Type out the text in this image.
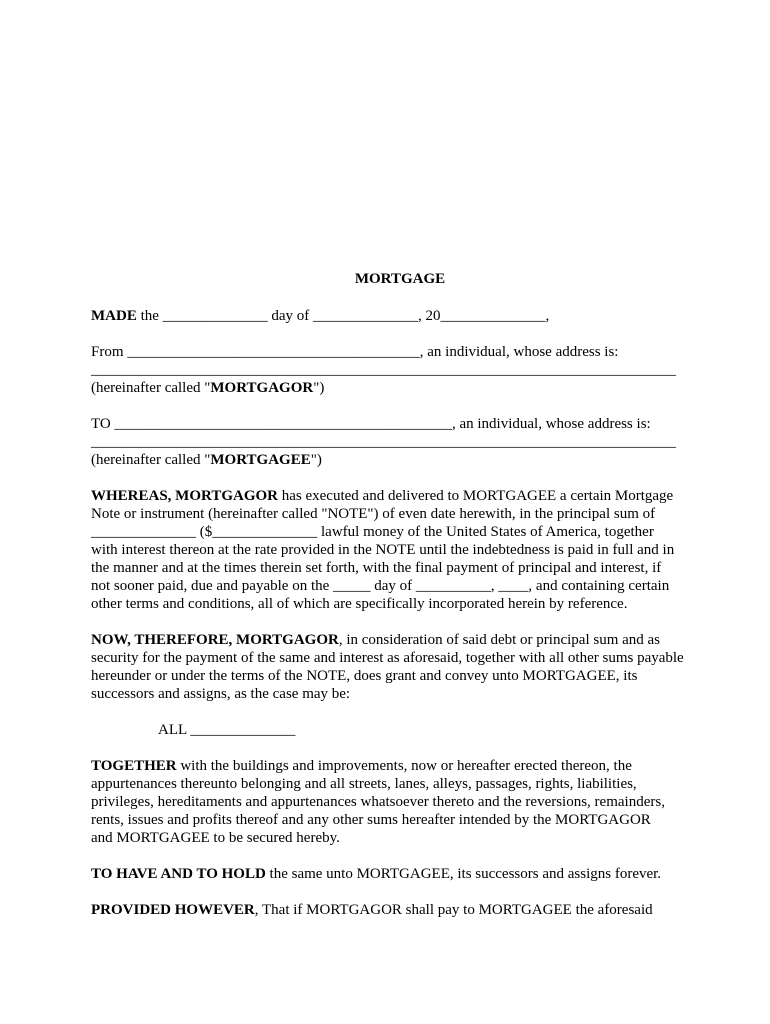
MORTGAGE

MADE the ______________ day of ______________, 20______________,

From _______________________________________, an individual, whose address is:
______________________________________________________________________________
(hereinafter called "MORTGAGOR")

TO _____________________________________________, an individual, whose address is:
______________________________________________________________________________
(hereinafter called "MORTGAGEE")

WHEREAS, MORTGAGOR has executed and delivered to MORTGAGEE a certain Mortgage
Note or instrument (hereinafter called "NOTE") of even date herewith, in the principal sum of
______________ ($______________ lawful money of the United States of America, together
with interest thereon at the rate provided in the NOTE until the indebtedness is paid in full and in
the manner and at the times therein set forth, with the final payment of principal and interest, if
not sooner paid, due and payable on the _____ day of __________, ____, and containing certain
other terms and conditions, all of which are specifically incorporated herein by reference.

NOW, THEREFORE, MORTGAGOR, in consideration of said debt or principal sum and as
security for the payment of the same and interest as aforesaid, together with all other sums payable
hereunder or under the terms of the NOTE, does grant and convey unto MORTGAGEE, its
successors and assigns, as the case may be:

ALL ______________

TOGETHER with the buildings and improvements, now or hereafter erected thereon, the
appurtenances thereunto belonging and all streets, lanes, alleys, passages, rights, liabilities,
privileges, hereditaments and appurtenances whatsoever thereto and the reversions, remainders,
rents, issues and profits thereof and any other sums hereafter intended by the MORTGAGOR
and MORTGAGEE to be secured hereby.

TO HAVE AND TO HOLD the same unto MORTGAGEE, its successors and assigns forever.

PROVIDED HOWEVER, That if MORTGAGOR shall pay to MORTGAGEE the aforesaid
